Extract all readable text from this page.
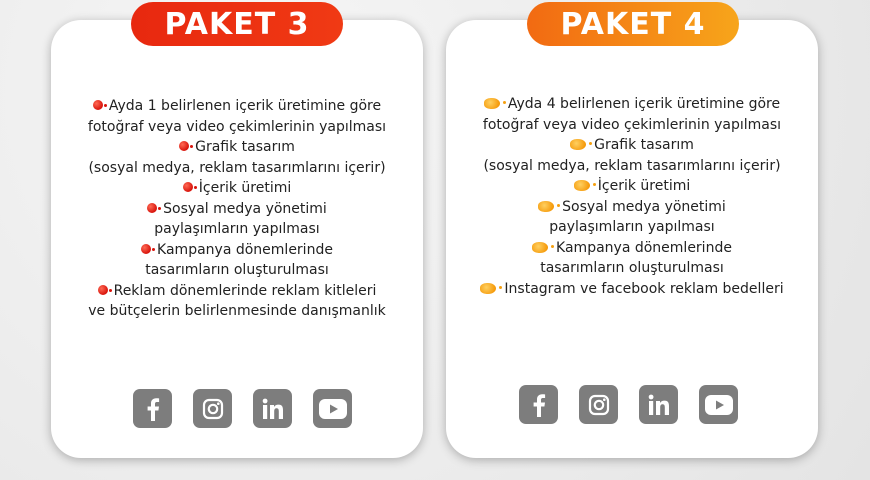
Ayda 1 belirlenen içerik üretimine göre
fotoğraf veya video çekimlerinin yapılması
Grafik tasarım
(sosyal medya, reklam tasarımlarını içerir)
İçerik üretimi
Sosyal medya yönetimi
paylaşımların yapılması
Kampanya dönemlerinde
tasarımların oluşturulması
Reklam dönemlerinde reklam kitleleri
ve bütçelerin belirlenmesinde danışmanlık
Ayda 4 belirlenen içerik üretimine göre
fotoğraf veya video çekimlerinin yapılması
Grafik tasarım
(sosyal medya, reklam tasarımlarını içerir)
İçerik üretimi
Sosyal medya yönetimi
paylaşımların yapılması
Kampanya dönemlerinde
tasarımların oluşturulması
Instagram ve facebook reklam bedelleri
PAKET 3	PAKET 4
